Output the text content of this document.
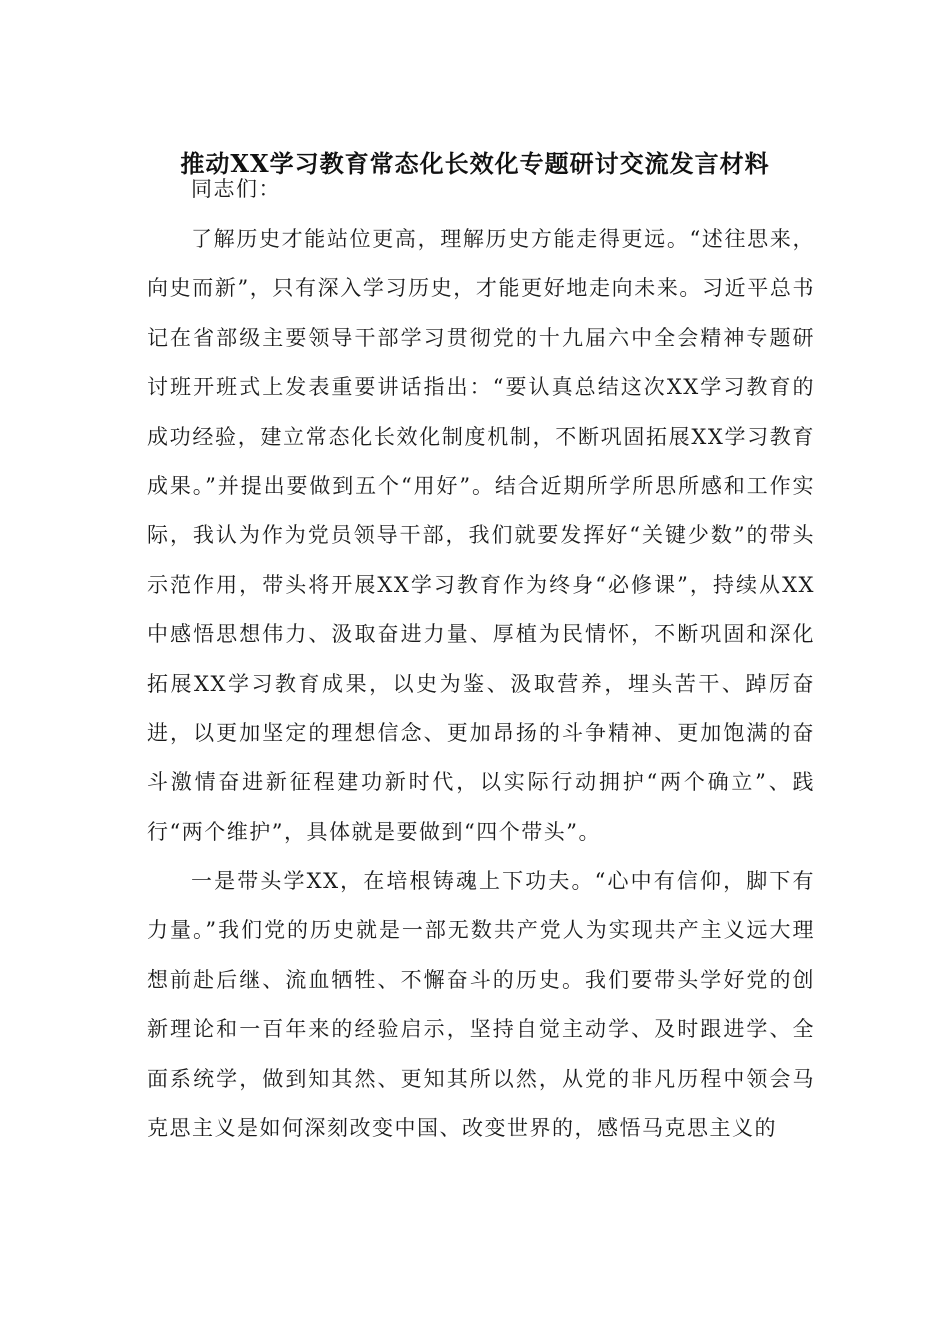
推动XX学习教育常态化长效化专题研讨交流发言材料

同志们：

了解历史才能站位更高，理解历史方能走得更远。“述往思来，向史而新”，只有深入学习历史，才能更好地走向未来。习近平总书记在省部级主要领导干部学习贯彻党的十九届六中全会精神专题研讨班开班式上发表重要讲话指出：“要认真总结这次XX学习教育的成功经验，建立常态化长效化制度机制，不断巩固拓展XX学习教育成果。”并提出要做到五个“用好”。结合近期所学所思所感和工作实际，我认为作为党员领导干部，我们就要发挥好“关键少数”的带头示范作用，带头将开展XX学习教育作为终身“必修课”，持续从XX中感悟思想伟力、汲取奋进力量、厚植为民情怀，不断巩固和深化拓展XX学习教育成果，以史为鉴、汲取营养，埋头苦干、踔厉奋进，以更加坚定的理想信念、更加昂扬的斗争精神、更加饱满的奋斗激情奋进新征程建功新时代，以实际行动拥护“两个确立”、践行“两个维护”，具体就是要做到“四个带头”。

一是带头学XX，在培根铸魂上下功夫。“心中有信仰，脚下有力量。”我们党的历史就是一部无数共产党人为实现共产主义远大理想前赴后继、流血牺牲、不懈奋斗的历史。我们要带头学好党的创新理论和一百年来的经验启示，坚持自觉主动学、及时跟进学、全面系统学，做到知其然、更知其所以然，从党的非凡历程中领会马克思主义是如何深刻改变中国、改变世界的，感悟马克思主义的
